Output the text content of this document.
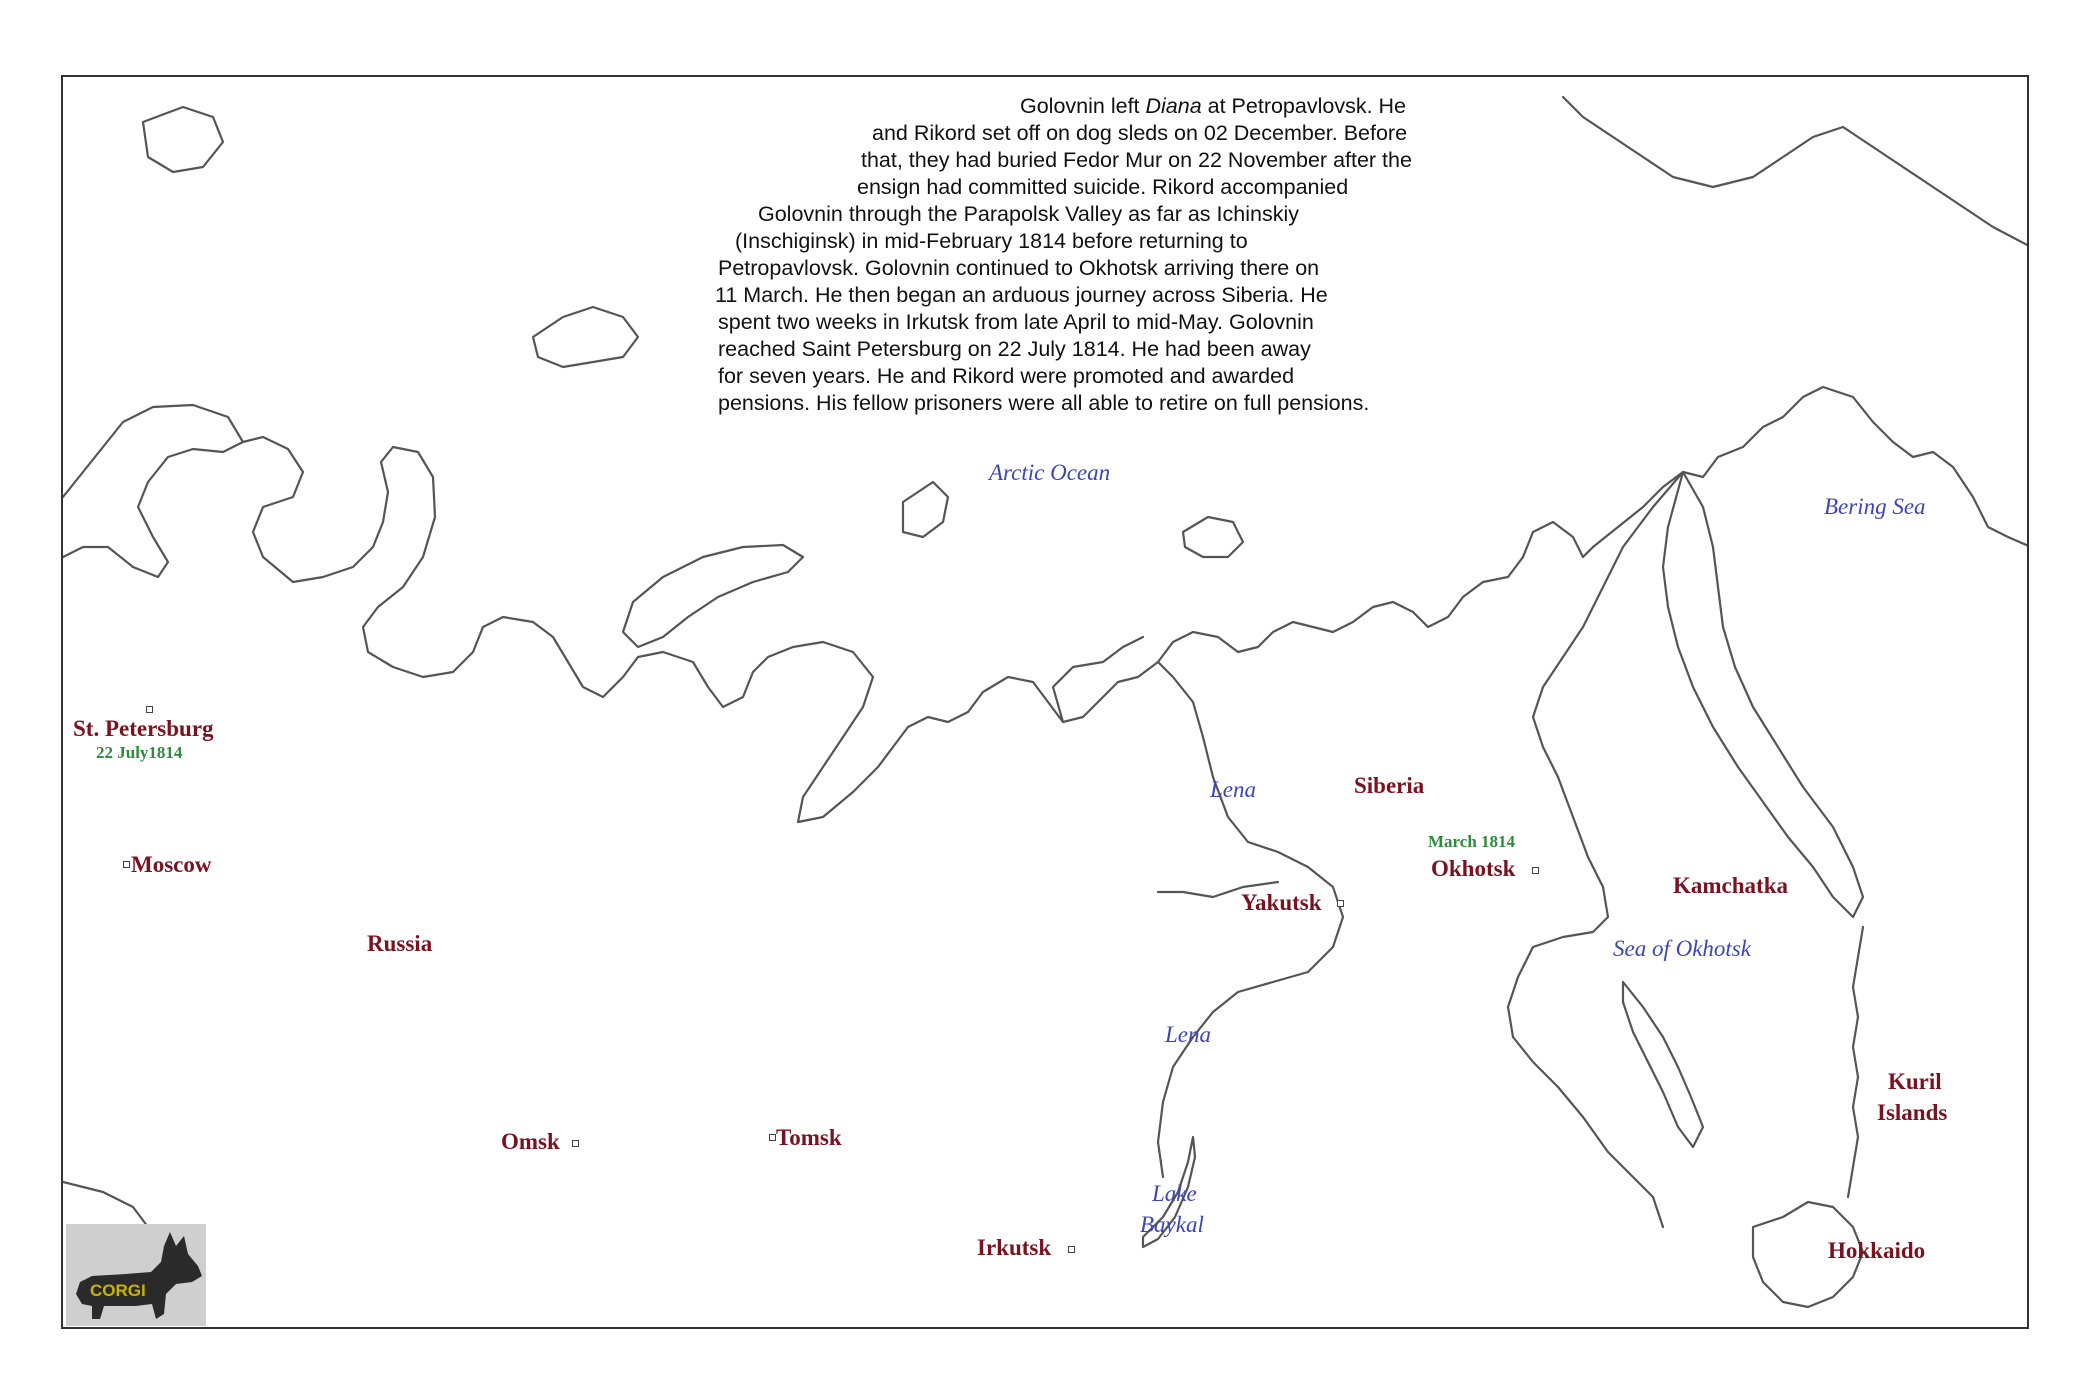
Golovnin left Diana at Petropavlovsk. He
and Rikord set off on dog sleds on 02 December. Before
that, they had buried Fedor Mur on 22 November after the
ensign had committed suicide. Rikord accompanied
Golovnin through the Parapolsk Valley as far as Ichinskiy
(Inschiginsk) in mid-February 1814 before returning to
Petropavlovsk. Golovnin continued to Okhotsk arriving there on
11 March. He then began an arduous journey across Siberia. He
spent two weeks in Irkutsk from late April to mid-May. Golovnin
reached Saint Petersburg on 22 July 1814. He had been away
for seven years. He and Rikord were promoted and awarded
pensions. His fellow prisoners were all able to retire on full pensions.
Arctic Ocean
Bering Sea
Sea of Okhotsk
Lena
Lena
Lake
Baykal
St. Petersburg
22 July1814
Moscow
Russia
Omsk	Tomsk
Irkutsk
Yakutsk
Siberia
March 1814
Okhotsk
Kamchatka
Kuril
Islands
Hokkaido
CORGI
